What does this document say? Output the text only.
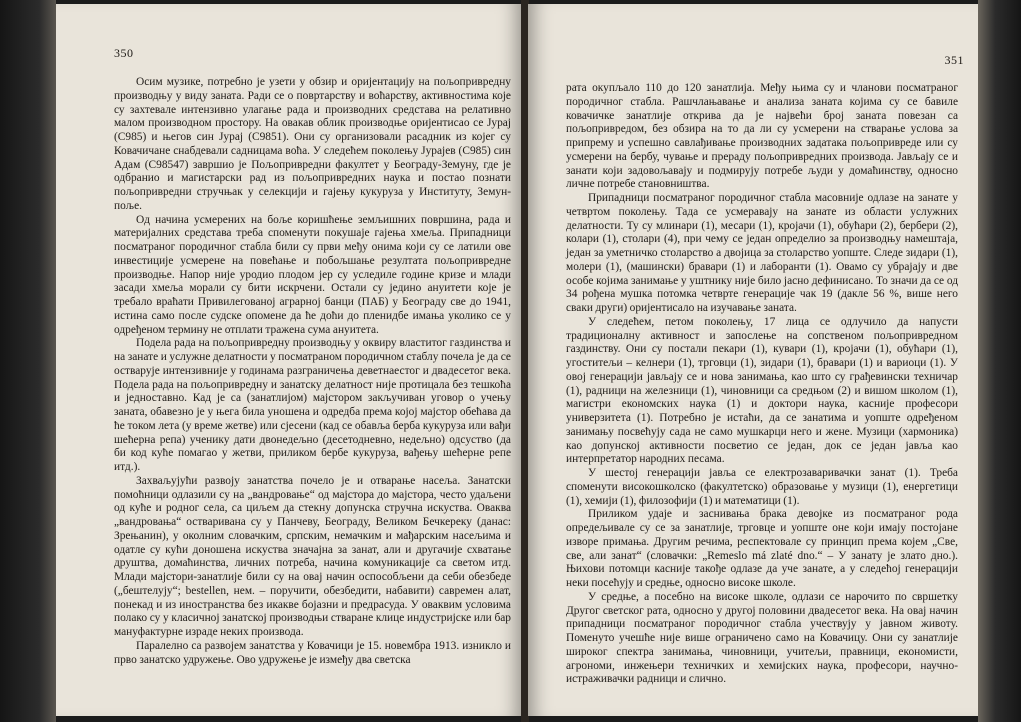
350

Осим музике, потребно је узети у обзир и оријентацију на пољопривредну производњу у виду заната. Ради се о повртарству и воћарству, активностима које су захтевале интензивно улагање рада и производних средстава на релативно малом производном простору. На овакав облик производње оријентисао се Јурај (C985) и његов син Јурај (C9851). Они су организовали расадник из којег су Ковачичане снабдевали садницама воћа. У следећем поколењу Јурајев (C985) син Адам (C98547) завршио је Пољопривредни факултет у Београду-Земуну, где је одбранио и магистарски рад из пољопривредних наука и постао познати пољопривредни стручњак у селекцији и гајењу кукуруза у Институту, Земун-поље.

Од начина усмерених на боље коришћење земљишних површина, рада и материјалних средстава треба споменути покушаје гајења хмеља. Припадници посматраног породичног стабла били су први међу онима који су се латили ове инвестиције усмерене на повећање и побољшање резултата пољопривредне производње. Напор није уродио плодом јер су уследиле године кризе и млади засади хмеља морали су бити искрчени. Остали су једино ануитети које је требало враћати Привилегованој аграрној банци (ПАБ) у Београду све до 1941, истина само после судске опомене да ће доћи до пленидбе имања уколико се у одређеном термину не отплати тражена сума ануитета.

Подела рада на пољопривредну производњу у оквиру властитог газдинства и на занате и услужне делатности у посматраном породичном стаблу почела је да се остварује интензивније у годинама разграничења деветнаестог и двадесетог века. Подела рада на пољопривредну и занатску делатност није протицала без тешкоћа и једноставно. Кад је са (занатлијом) мајстором закључиван уговор о учењу заната, обавезно је у њега била уношена и одредба према којој мајстор обећава да ће током лета (у време жетве) или сјесени (кад се обавља берба кукуруза или вађи шећерна репа) ученику дати двонедељно (десетодневно, недељно) одсуство (да би код куће помагао у жетви, приликом бербе кукуруза, вађењу шећерне репе итд.).

Захваљујући развоју занатства почело је и отварање насеља. Занатски помоћници одлазили су на „вандровање“ од мајстора до мајстора, често удаљени од куће и родног села, са циљем да стекну допунска стручна искуства. Оваква „вандровања“ остваривана су у Панчеву, Београду, Великом Бечкереку (данас: Зрењанин), у околним словачким, српским, немачким и мађарским насељима и одатле су кући доношена искуства значајна за занат, али и другачије схватање друштва, домаћинства, личних потреба, начина комуникације са светом итд. Млади мајстори-занатлије били су на овај начин оспособљени да себи обезбеде („бештелују“; bestellen, нем. – поручити, обезбедити, набавити) савремен алат, понекад и из иностранства без икакве бојазни и предрасуда. У оваквим условима полако су у класичној занатској производњи стваране клице индустријске или бар мануфактурне израде неких производа.

Паралелно са развојем занатства у Ковачици је 15. новембра 1913. изникло и прво занатско удружење. Ово удружење је између два светска

351

рата окупљало 110 до 120 занатлија. Међу њима су и чланови посматраног породичног стабла. Рашчлањавање и анализа заната којима су се бавиле ковачичке занатлије открива да је највећи број заната повезан са пољопривредом, без обзира на то да ли су усмерени на стварање услова за припрему и успешно савлађивање производних задатака пољопривреде или су усмерени на бербу, чување и прераду пољопривредних производа. Јављају се и занати који задовољавају и подмирују потребе људи у домаћинству, односно личне потребе становништва.

Припадници посматраног породичног стабла масовније одлазе на занате у четвртом поколењу. Тада се усмеравају на занате из области услужних делатности. Ту су млинари (1), месари (1), кројачи (1), обућари (2), бербери (2), колари (1), столари (4), при чему се један определио за производњу намештаја, један за уметничко столарство а двојица за столарство уопште. Следе зидари (1), молери (1), (машински) бравари (1) и лаборанти (1). Овамо су убрајају и две особе којима занимање у уштнику није било јасно дефинисано. То значи да се од 34 рођена мушка потомка четврте генерације чак 19 (дакле 56 %, више него сваки други) оријентисало на изучавање заната.

У следећем, петом поколењу, 17 лица се одлучило да напусти традиционалну активност и запослење на сопственом пољопривредном газдинству. Они су постали пекари (1), кувари (1), кројачи (1), обућари (1), угоститељи – келнери (1), трговци (1), зидари (1), бравари (1) и вариоци (1). У овој генерацији јављају се и нова занимања, као што су грађевински техничар (1), радници на железници (1), чиновници са средњом (2) и вишом школом (1), магистри економских наука (1) и доктори наука, касније професори универзитета (1). Потребно је истаћи, да се занатима и уопште одређеном занимању посвећују сада не само мушкарци него и жене. Музици (хармоника) као допунској активности посветио се један, док се један јавља као интерпретатор народних песама.

У шестој генерацији јавља се електрозаваривачки занат (1). Треба споменути високошколско (факултетско) образовање у музици (1), енергетици (1), хемији (1), филозофији (1) и математици (1).

Приликом удаје и заснивања брака девојке из посматраног рода опредељивале су се за занатлије, трговце и уопште оне који имају постојане изворе примања. Другим речима, респектовале су принцип према којем „Све, све, али занат“ (словачки: „Remeslo má zlaté dno.“ – У занату је злато дно.). Њихови потомци касније такође одлазе да уче занате, а у следећој генерацији неки посећују и средње, односно високе школе.

У средње, а посебно на високе школе, одлази се нарочито по свршетку Другог светског рата, односно у другој половини двадесетог века. На овај начин припадници посматраног породичног стабла учествују у јавном животу. Поменуто учешће није више ограничено само на Ковачицу. Они су занатлије широког спектра занимања, чиновници, учитељи, правници, економисти, агрономи, инжењери техничких и хемијских наука, професори, научно-истраживачки радници и слично.
